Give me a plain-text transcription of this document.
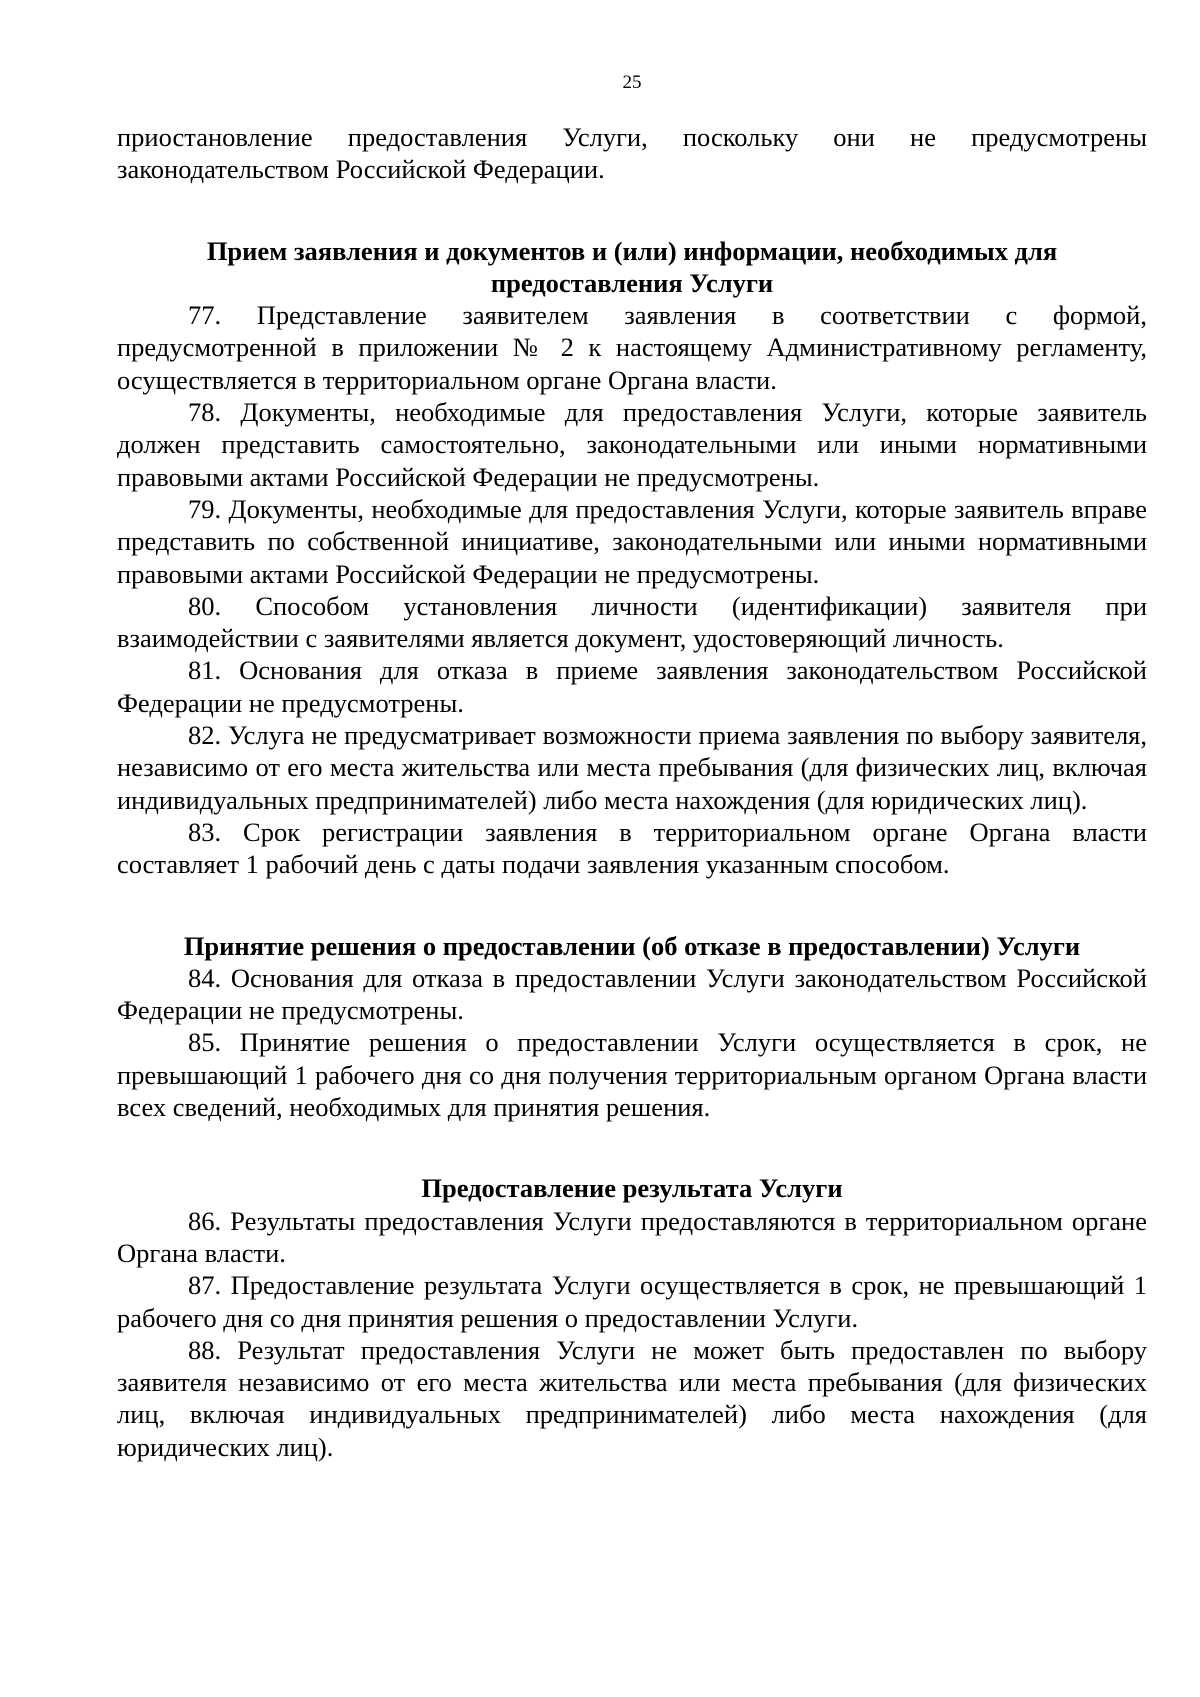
25

приостановление предоставления Услуги, поскольку они не предусмотрены законодательством Российской Федерации.

Прием заявления и документов и (или) информации, необходимых для предоставления Услуги

77. Представление заявителем заявления в соответствии с формой, предусмотренной в приложении № 2 к настоящему Административному регламенту, осуществляется в территориальном органе Органа власти.

78. Документы, необходимые для предоставления Услуги, которые заявитель должен представить самостоятельно, законодательными или иными нормативными правовыми актами Российской Федерации не предусмотрены.

79. Документы, необходимые для предоставления Услуги, которые заявитель вправе представить по собственной инициативе, законодательными или иными нормативными правовыми актами Российской Федерации не предусмотрены.

80. Способом установления личности (идентификации) заявителя при взаимодействии с заявителями является документ, удостоверяющий личность.

81. Основания для отказа в приеме заявления законодательством Российской Федерации не предусмотрены.

82. Услуга не предусматривает возможности приема заявления по выбору заявителя, независимо от его места жительства или места пребывания (для физических лиц, включая индивидуальных предпринимателей) либо места нахождения (для юридических лиц).

83. Срок регистрации заявления в территориальном органе Органа власти составляет 1 рабочий день с даты подачи заявления указанным способом.

Принятие решения о предоставлении (об отказе в предоставлении) Услуги

84. Основания для отказа в предоставлении Услуги законодательством Российской Федерации не предусмотрены.

85. Принятие решения о предоставлении Услуги осуществляется в срок, не превышающий 1 рабочего дня со дня получения территориальным органом Органа власти всех сведений, необходимых для принятия решения.

Предоставление результата Услуги

86. Результаты предоставления Услуги предоставляются в территориальном органе Органа власти.

87. Предоставление результата Услуги осуществляется в срок, не превышающий 1 рабочего дня со дня принятия решения о предоставлении Услуги.

88. Результат предоставления Услуги не может быть предоставлен по выбору заявителя независимо от его места жительства или места пребывания (для физических лиц, включая индивидуальных предпринимателей) либо места нахождения (для юридических лиц).
